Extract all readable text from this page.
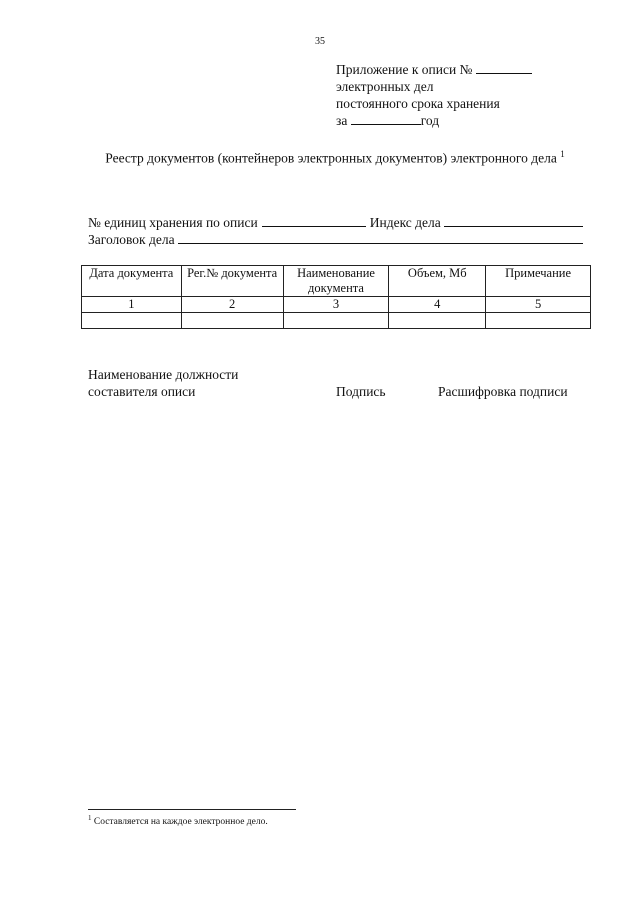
35
Приложение к описи №
электронных дел
постоянного срока хранения
за	год
Реестр документов (контейнеров электронных документов) электронного дела $^1$
№ единиц хранения по описи	Индекс дела
Заголовок дела
Дата документа	Рег.№ документа	Наименование документа	Объем, Мб	Примечание
1	2	3	4	5

Наименование должности
составителя описи	Подпись	Расшифровка подписи
$^1$ Составляется на каждое электронное дело.
